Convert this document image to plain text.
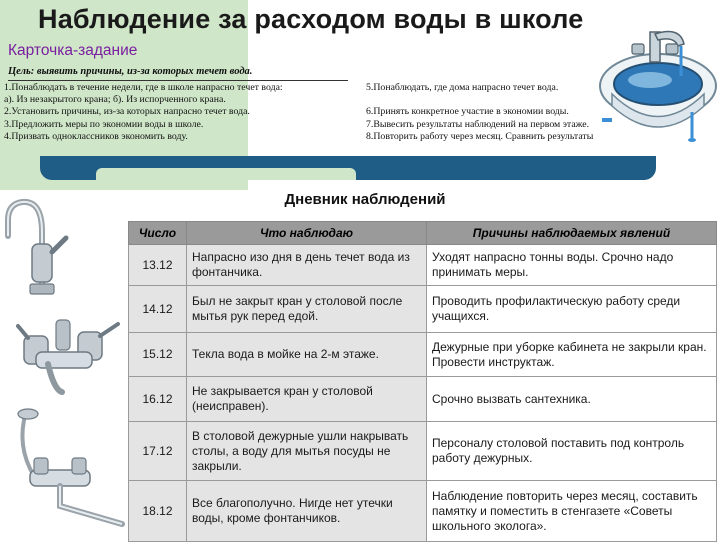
Наблюдение за расходом воды в школе
Карточка-задание
Цель: выявить причины, из-за которых течет вода.
1.Понаблюдать в течение недели, где в школе напрасно течет вода:
а). Из незакрытого крана; б). Из испорченного крана.
2.Установить причины, из-за которых напрасно течет вода.
3.Предложить меры по экономии воды в школе.
4.Призвать одноклассников экономить воду.
5.Понаблюдать, где дома напрасно течет вода.

6.Принять конкретное участие в экономии воды.
7.Вывесить результаты наблюдений на первом этаже.
8.Повторить работу через месяц. Сравнить результаты
Дневник наблюдений
Число	Что наблюдаю	Причины наблюдаемых явлений
13.12	Напрасно изо дня в день течет вода из фонтанчика.	Уходят напрасно тонны воды. Срочно надо принимать меры.
14.12	Был не закрыт кран у столовой после мытья рук перед едой.	Проводить профилактическую работу среди учащихся.
15.12	Текла вода в мойке на 2-м этаже.	Дежурные при уборке кабинета не закрыли кран. Провести инструктаж.
16.12	Не закрывается кран у столовой (неисправен).	Срочно вызвать сантехника.
17.12	В столовой дежурные ушли накрывать столы, а воду для мытья посуды не закрыли.	Персоналу столовой поставить под контроль работу дежурных.
18.12	Все благополучно. Нигде нет утечки воды, кроме фонтанчиков.	Наблюдение повторить через месяц, составить памятку и поместить в стенгазете «Советы школьного эколога».
